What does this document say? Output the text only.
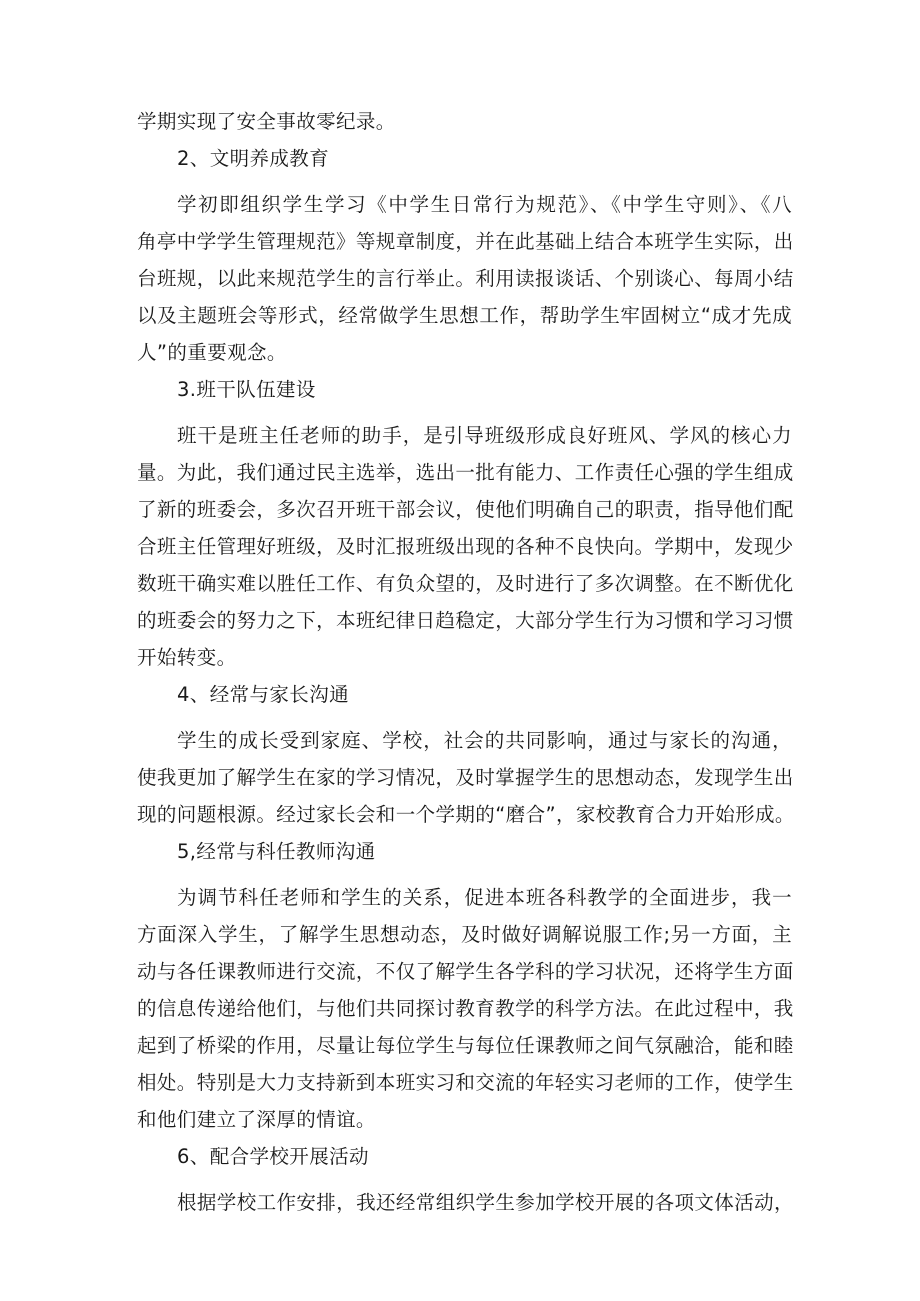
学期实现了安全事故零纪录。
2、文明养成教育
学初即组织学生学习《中学生日常行为规范》、《中学生守则》、《八
角亭中学学生管理规范》等规章制度，并在此基础上结合本班学生实际，出
台班规，以此来规范学生的言行举止。利用读报谈话、个别谈心、每周小结
以及主题班会等形式，经常做学生思想工作，帮助学生牢固树立“成才先成
人”的重要观念。
3.班干队伍建设
班干是班主任老师的助手，是引导班级形成良好班风、学风的核心力
量。为此，我们通过民主选举，选出一批有能力、工作责任心强的学生组成
了新的班委会，多次召开班干部会议，使他们明确自己的职责，指导他们配
合班主任管理好班级，及时汇报班级出现的各种不良快向。学期中，发现少
数班干确实难以胜任工作、有负众望的，及时进行了多次调整。在不断优化
的班委会的努力之下，本班纪律日趋稳定，大部分学生行为习惯和学习习惯
开始转变。
4、经常与家长沟通
学生的成长受到家庭、学校，社会的共同影响，通过与家长的沟通，
使我更加了解学生在家的学习情况，及时掌握学生的思想动态，发现学生出
现的问题根源。经过家长会和一个学期的“磨合”，家校教育合力开始形成。
5,经常与科任教师沟通
为调节科任老师和学生的关系，促进本班各科教学的全面进步，我一
方面深入学生，了解学生思想动态，及时做好调解说服工作;另一方面，主
动与各任课教师进行交流，不仅了解学生各学科的学习状况，还将学生方面
的信息传递给他们，与他们共同探讨教育教学的科学方法。在此过程中，我
起到了桥梁的作用，尽量让每位学生与每位任课教师之间气氛融洽，能和睦
相处。特别是大力支持新到本班实习和交流的年轻实习老师的工作，使学生
和他们建立了深厚的情谊。
6、配合学校开展活动
根据学校工作安排，我还经常组织学生参加学校开展的各项文体活动，
